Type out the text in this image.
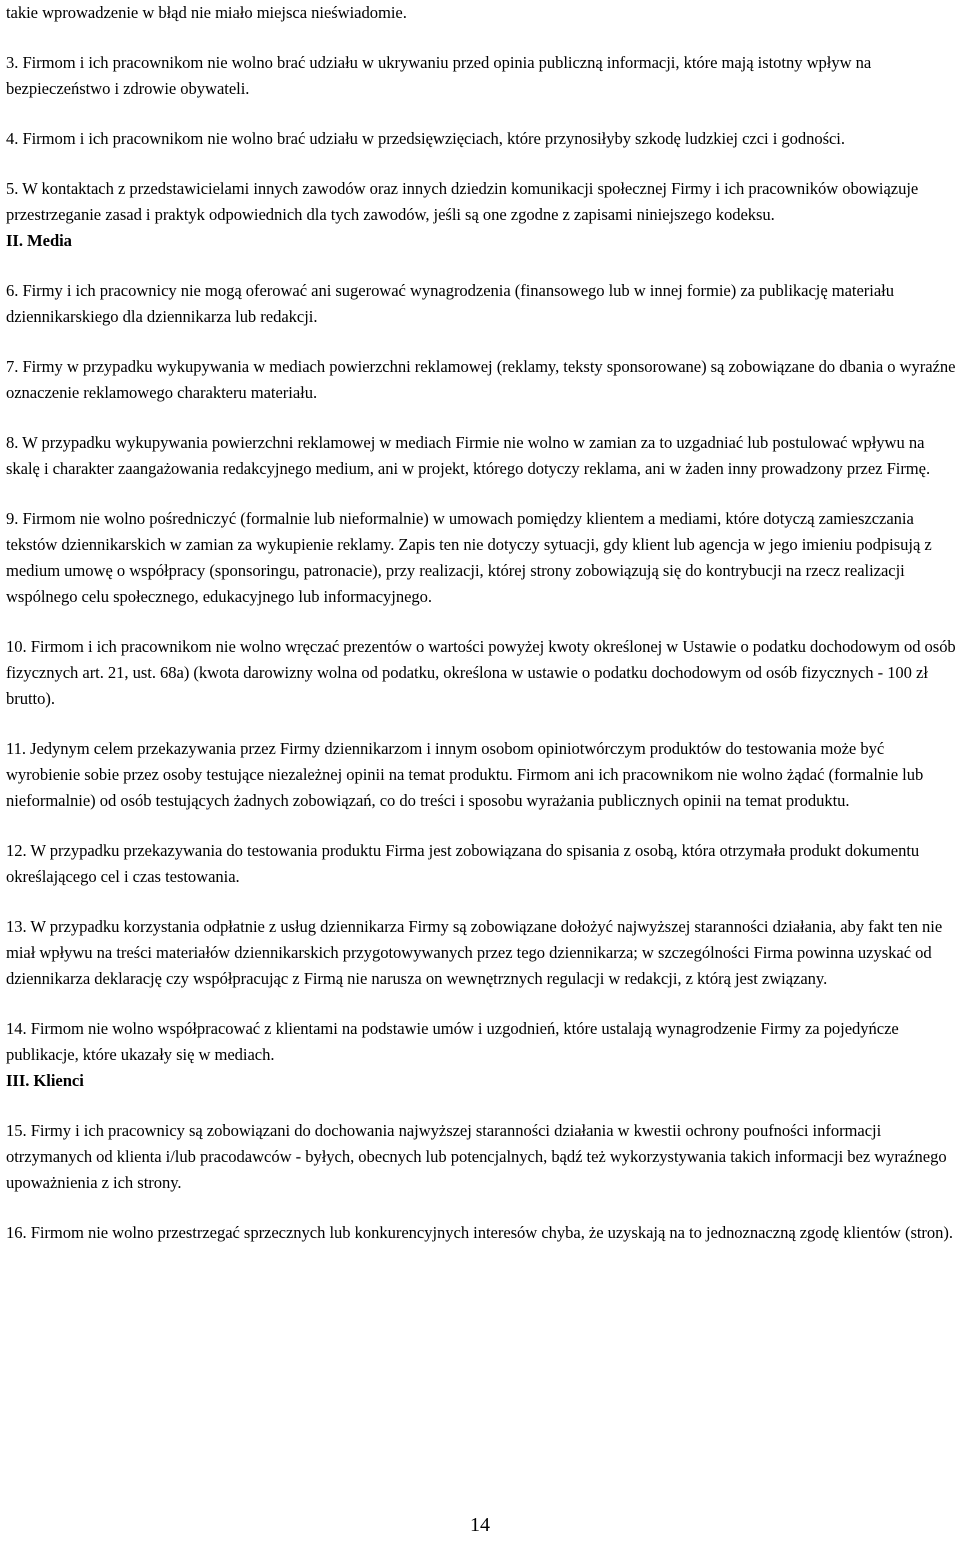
takie wprowadzenie w błąd nie miało miejsca nieświadomie.

3. Firmom i ich pracownikom nie wolno brać udziału w ukrywaniu przed opinia publiczną informacji, które mają istotny wpływ na bezpieczeństwo i zdrowie obywateli.

4. Firmom i ich pracownikom nie wolno brać udziału w przedsięwzięciach, które przynosiłyby szkodę ludzkiej czci i godności.

5. W kontaktach z przedstawicielami innych zawodów oraz innych dziedzin komunikacji społecznej Firmy i ich pracowników obowiązuje przestrzeganie zasad i praktyk odpowiednich dla tych zawodów, jeśli są one zgodne z zapisami niniejszego kodeksu.

II. Media

6. Firmy i ich pracownicy nie mogą oferować ani sugerować wynagrodzenia (finansowego lub w innej formie) za publikację materiału dziennikarskiego dla dziennikarza lub redakcji.

7. Firmy w przypadku wykupywania w mediach powierzchni reklamowej (reklamy, teksty sponsorowane) są zobowiązane do dbania o wyraźne oznaczenie reklamowego charakteru materiału.

8. W przypadku wykupywania powierzchni reklamowej w mediach Firmie nie wolno w zamian za to uzgadniać lub postulować wpływu na skalę i charakter zaangażowania redakcyjnego medium, ani w projekt, którego dotyczy reklama, ani w żaden inny prowadzony przez Firmę.

9. Firmom nie wolno pośredniczyć (formalnie lub nieformalnie) w umowach pomiędzy klientem a mediami, które dotyczą zamieszczania tekstów dziennikarskich w zamian za wykupienie reklamy. Zapis ten nie dotyczy sytuacji, gdy klient lub agencja w jego imieniu podpisują z medium umowę o współpracy (sponsoringu, patronacie), przy realizacji, której strony zobowiązują się do kontrybucji na rzecz realizacji wspólnego celu społecznego, edukacyjnego lub informacyjnego.

10. Firmom i ich pracownikom nie wolno wręczać prezentów o wartości powyżej kwoty określonej w Ustawie o podatku dochodowym od osób fizycznych art. 21, ust. 68a) (kwota darowizny wolna od podatku, określona w ustawie o podatku dochodowym od osób fizycznych - 100 zł brutto).

11. Jedynym celem przekazywania przez Firmy dziennikarzom i innym osobom opiniotwórczym produktów do testowania może być wyrobienie sobie przez osoby testujące niezależnej opinii na temat produktu. Firmom ani ich pracownikom nie wolno żądać (formalnie lub nieformalnie) od osób testujących żadnych zobowiązań, co do treści i sposobu wyrażania publicznych opinii na temat produktu.

12. W przypadku przekazywania do testowania produktu Firma jest zobowiązana do spisania z osobą, która otrzymała produkt dokumentu określającego cel i czas testowania.

13. W przypadku korzystania odpłatnie z usług dziennikarza Firmy są zobowiązane dołożyć najwyższej staranności działania, aby fakt ten nie miał wpływu na treści materiałów dziennikarskich przygotowywanych przez tego dziennikarza; w szczególności Firma powinna uzyskać od dziennikarza deklarację czy współpracując z Firmą nie narusza on wewnętrznych regulacji w redakcji, z którą jest związany.

14. Firmom nie wolno współpracować z klientami na podstawie umów i uzgodnień, które ustalają wynagrodzenie Firmy za pojedyńcze publikacje, które ukazały się w mediach.

III. Klienci

15. Firmy i ich pracownicy są zobowiązani do dochowania najwyższej staranności działania w kwestii ochrony poufności informacji otrzymanych od klienta i/lub pracodawców - byłych, obecnych lub potencjalnych, bądź też wykorzystywania takich informacji bez wyraźnego upoważnienia z ich strony.

16. Firmom nie wolno przestrzegać sprzecznych lub konkurencyjnych interesów chyba, że uzyskają na to jednoznaczną zgodę klientów (stron).

14
